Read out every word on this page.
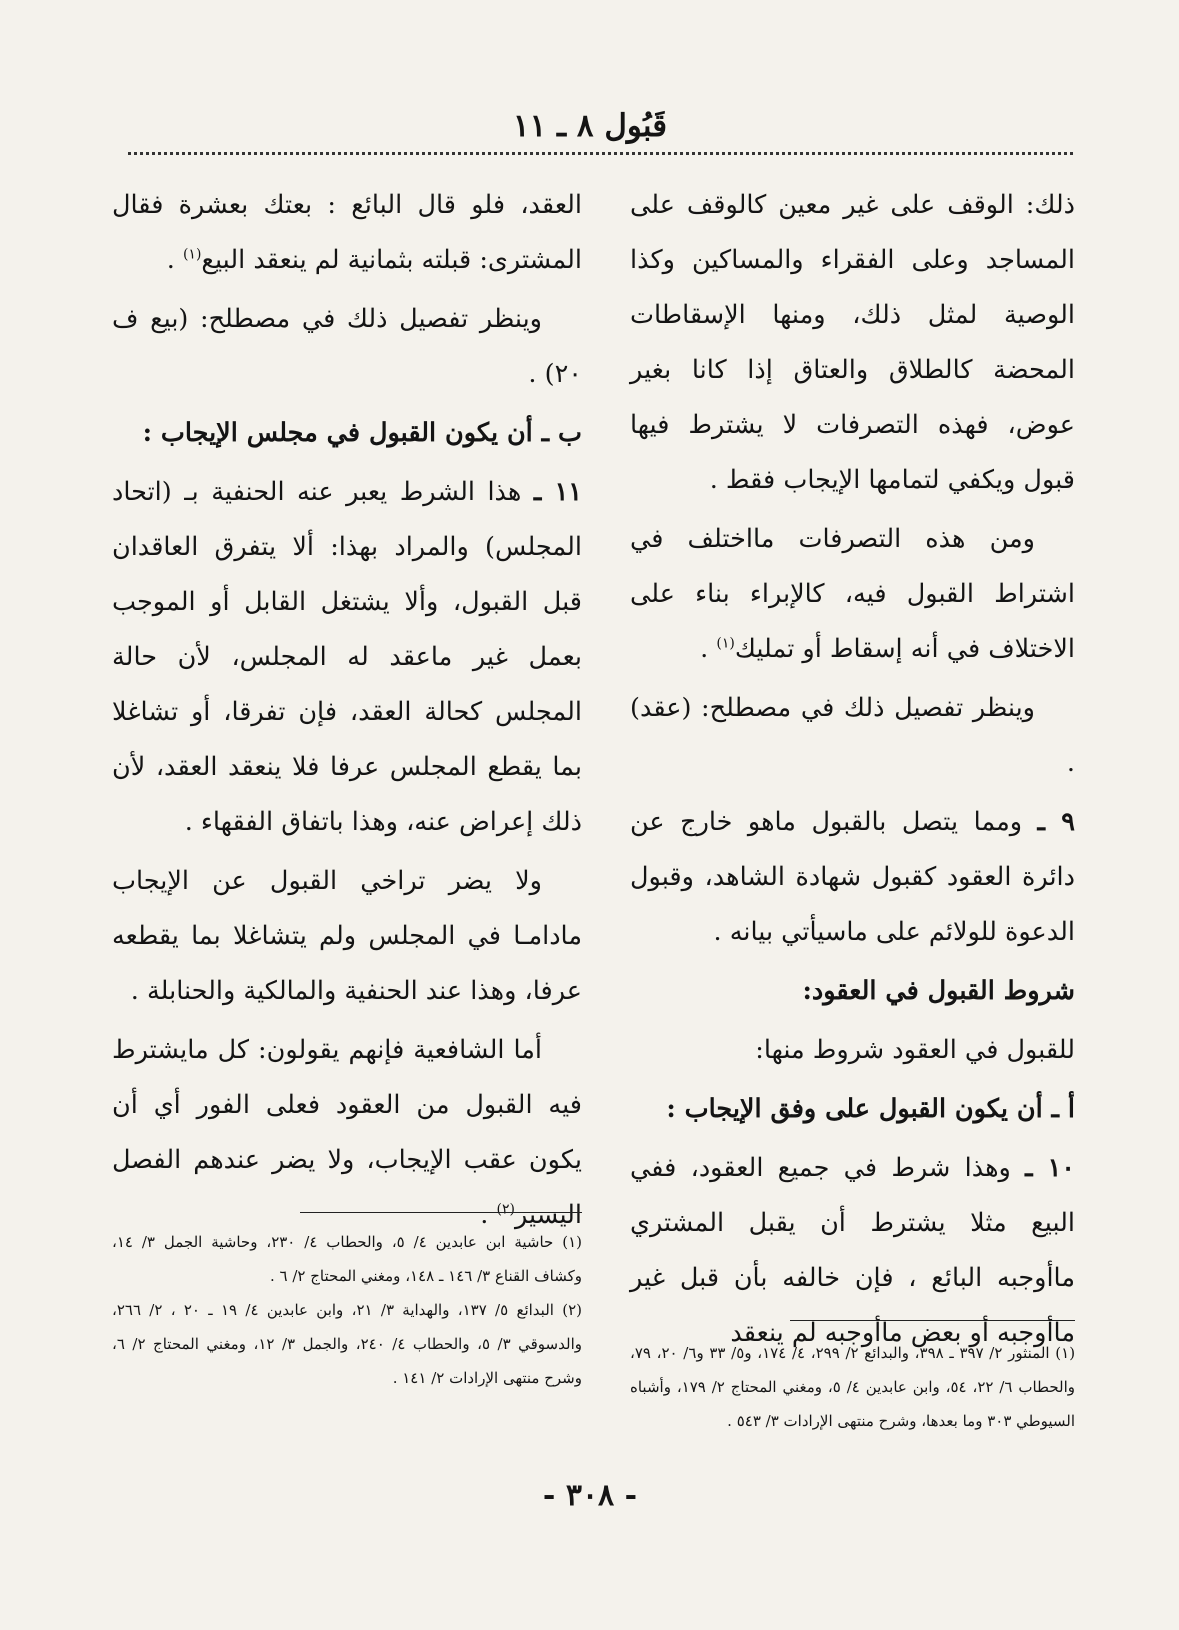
قَبُول ٨ ـ ١١

ذلك: الوقف على غير معين كالوقف على المساجد وعلى الفقراء والمساكين وكذا الوصية لمثل ذلك، ومنها الإسقاطات المحضة كالطلاق والعتاق إذا كانا بغير عوض، فهذه التصرفات لا يشترط فيها قبول ويكفي لتمامها الإيجاب فقط .

ومن هذه التصرفات مااختلف في اشتراط القبول فيه، كالإبراء بناء على الاختلاف في أنه إسقاط أو تمليك$^{(١)}$ .

وينظر تفصيل ذلك في مصطلح: (عقد) .

٩ ـ ومما يتصل بالقبول ماهو خارج عن دائرة العقود كقبول شهادة الشاهد، وقبول الدعوة للولائم على ماسيأتي بيانه .

شروط القبول في العقود:

للقبول في العقود شروط منها:

أ ـ أن يكون القبول على وفق الإيجاب :

١٠ ـ وهذا شرط في جميع العقود، ففي البيع مثلا يشترط أن يقبل المشتري ماأوجبه البائع ، فإن خالفه بأن قبل غير ماأوجبه أو بعض ماأوجبه لم ينعقد

العقد، فلو قال البائع : بعتك بعشرة فقال المشترى: قبلته بثمانية لم ينعقد البيع$^{(١)}$ .

وينظر تفصيل ذلك في مصطلح: (بيع ف ٢٠) .

ب ـ أن يكون القبول في مجلس الإيجاب :

١١ ـ هذا الشرط يعبر عنه الحنفية بـ (اتحاد المجلس) والمراد بهذا: ألا يتفرق العاقدان قبل القبول، وألا يشتغل القابل أو الموجب بعمل غير ماعقد له المجلس، لأن حالة المجلس كحالة العقد، فإن تفرقا، أو تشاغلا بما يقطع المجلس عرفا فلا ينعقد العقد، لأن ذلك إعراض عنه، وهذا باتفاق الفقهاء .

ولا يضر تراخي القبول عن الإيجاب مادامـا في المجلس ولم يتشاغلا بما يقطعه عرفا، وهذا عند الحنفية والمالكية والحنابلة .

أما الشافعية فإنهم يقولون: كل مايشترط فيه القبول من العقود فعلى الفور أي أن يكون عقب الإيجاب، ولا يضر عندهم الفصل اليسير$^{(٢)}$ .

(١) حاشية ابن عابدين ٤/ ٥، والحطاب ٤/ ٢٣٠، وحاشية الجمل ٣/ ١٤، وكشاف القناع ٣/ ١٤٦ ـ ١٤٨، ومغني المحتاج ٢/ ٦ .

(٢) البدائع ٥/ ١٣٧، والهداية ٣/ ٢١، وابن عابدين ٤/ ١٩ ـ ٢٠ ، ٢/ ٢٦٦، والدسوقي ٣/ ٥، والحطاب ٤/ ٢٤٠، والجمل ٣/ ١٢، ومغني المحتاج ٢/ ٦، وشرح منتهى الإرادات ٢/ ١٤١ .

(١) المنثور ٢/ ٣٩٧ ـ ٣٩٨، والبدائع ٢/ ٢٩٩، ٤/ ١٧٤، و٥/ ٣٣ و٦/ ٢٠، ٧٩، والحطاب ٦/ ٢٢، ٥٤، وابن عابدين ٤/ ٥، ومغني المحتاج ٢/ ١٧٩، وأشباه السيوطي ٣٠٣ وما بعدها، وشرح منتهى الإرادات ٣/ ٥٤٣ .

- ٣٠٨ -
